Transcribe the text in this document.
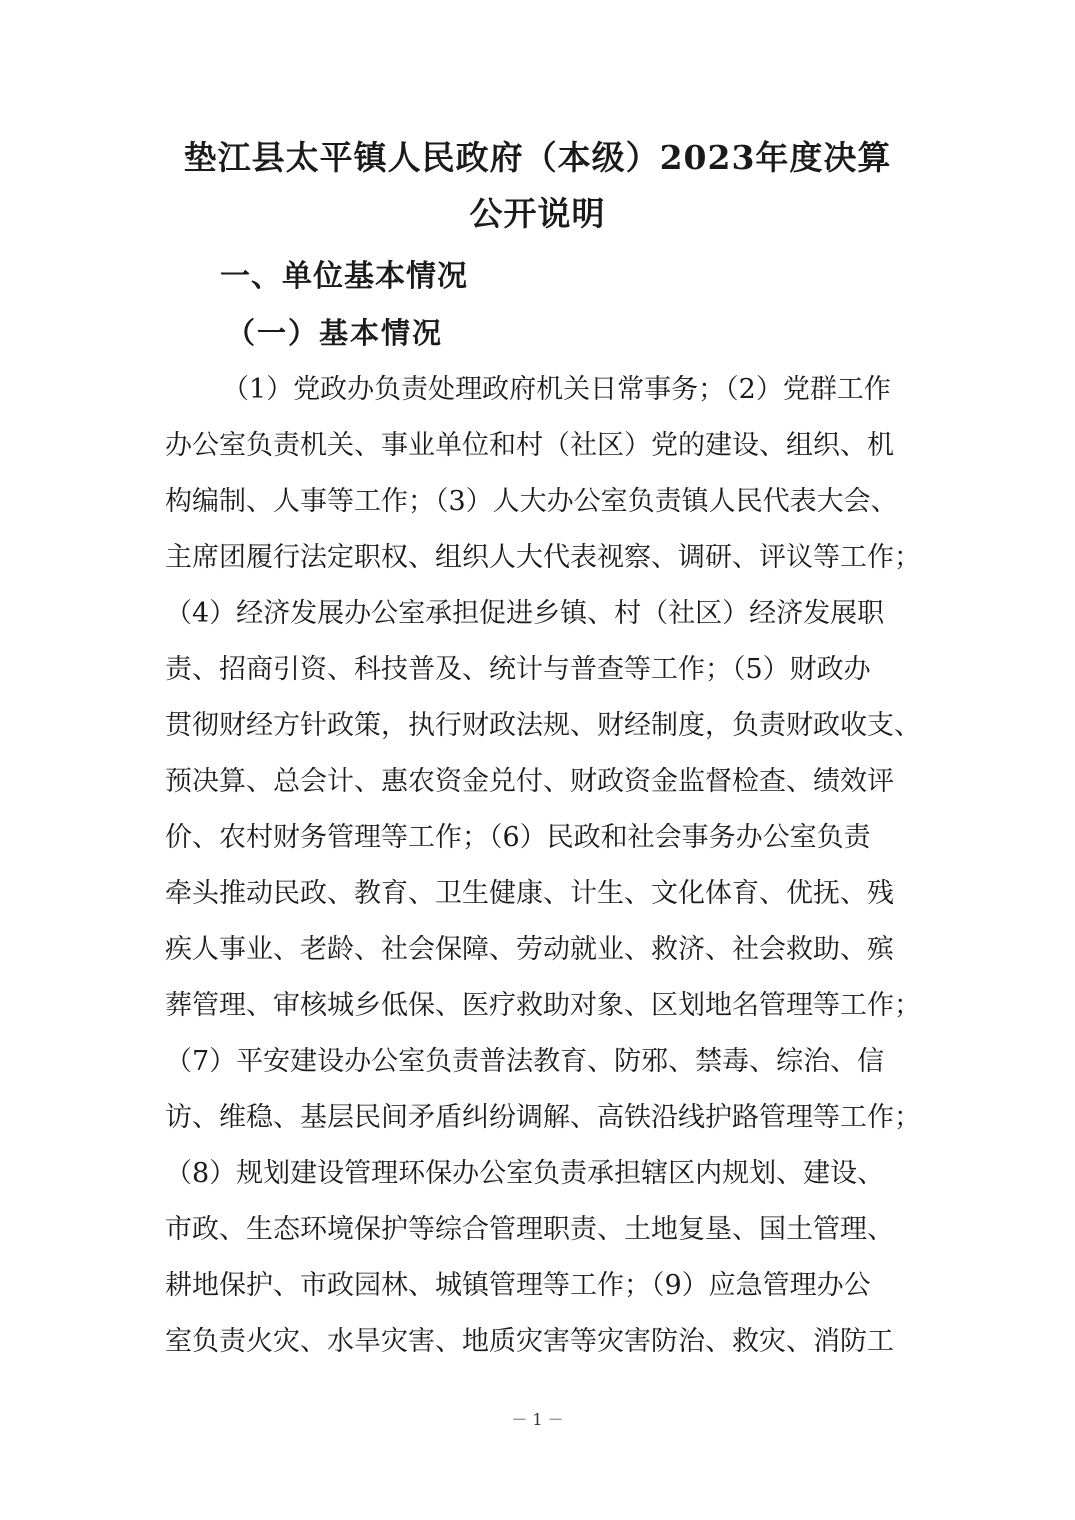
垫江县太平镇人民政府（本级）2023年度决算
公开说明
一、单位基本情况
（一）基本情况
（1）党政办负责处理政府机关日常事务；（2）党群工作
办公室负责机关、事业单位和村（社区）党的建设、组织、机
构编制、人事等工作；（3）人大办公室负责镇人民代表大会、
主席团履行法定职权、组织人大代表视察、调研、评议等工作；
（4）经济发展办公室承担促进乡镇、村（社区）经济发展职
责、招商引资、科技普及、统计与普查等工作；（5）财政办
贯彻财经方针政策，执行财政法规、财经制度，负责财政收支、
预决算、总会计、惠农资金兑付、财政资金监督检查、绩效评
价、农村财务管理等工作；（6）民政和社会事务办公室负责
牵头推动民政、教育、卫生健康、计生、文化体育、优抚、残
疾人事业、老龄、社会保障、劳动就业、救济、社会救助、殡
葬管理、审核城乡低保、医疗救助对象、区划地名管理等工作；
（7）平安建设办公室负责普法教育、防邪、禁毒、综治、信
访、维稳、基层民间矛盾纠纷调解、高铁沿线护路管理等工作；
（8）规划建设管理环保办公室负责承担辖区内规划、建设、
市政、生态环境保护等综合管理职责、土地复垦、国土管理、
耕地保护、市政园林、城镇管理等工作；（9）应急管理办公
室负责火灾、水旱灾害、地质灾害等灾害防治、救灾、消防工
－ 1 －
